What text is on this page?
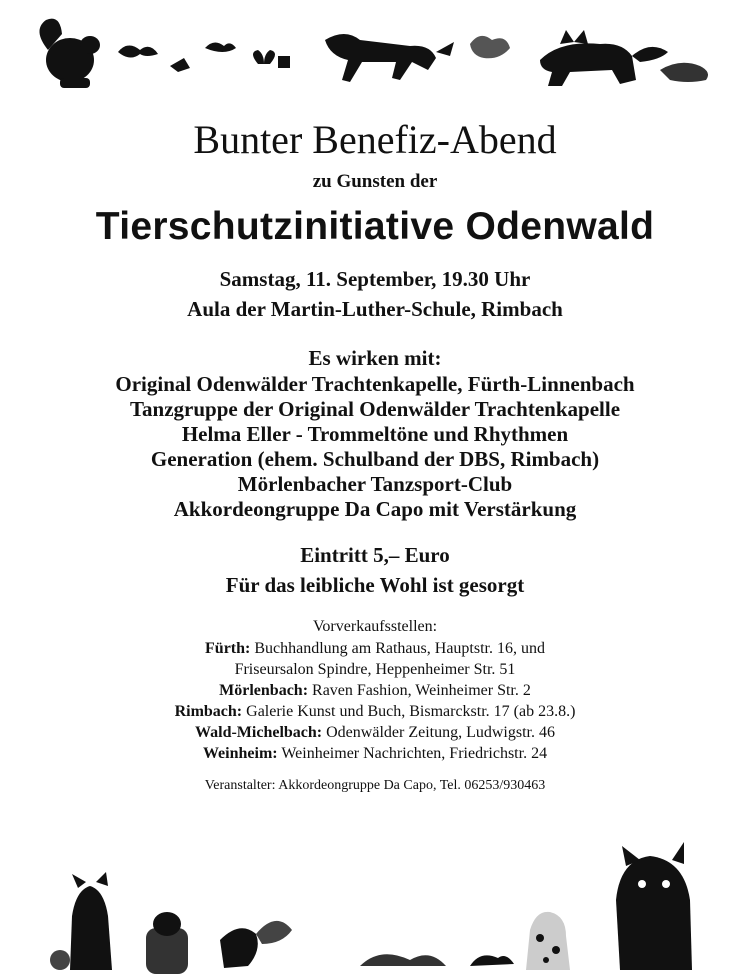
Bunter Benefiz-Abend
zu Gunsten der
Tierschutzinitiative Odenwald
Samstag, 11. September, 19.30 Uhr
Aula der Martin-Luther-Schule, Rimbach
Es wirken mit:
Original Odenwälder Trachtenkapelle, Fürth-Linnenbach
Tanzgruppe der Original Odenwälder Trachtenkapelle
Helma Eller - Trommeltöne und Rhythmen
Generation (ehem. Schulband der DBS, Rimbach)
Mörlenbacher Tanzsport-Club
Akkordeongruppe Da Capo mit Verstärkung
Eintritt 5,– Euro
Für das leibliche Wohl ist gesorgt
Vorverkaufsstellen:
Fürth: Buchhandlung am Rathaus, Hauptstr. 16, und
Friseursalon Spindre, Heppenheimer Str. 51
Mörlenbach: Raven Fashion, Weinheimer Str. 2
Rimbach: Galerie Kunst und Buch, Bismarckstr. 17 (ab 23.8.)
Wald-Michelbach: Odenwälder Zeitung, Ludwigstr. 46
Weinheim: Weinheimer Nachrichten, Friedrichstr. 24
Veranstalter: Akkordeongruppe Da Capo, Tel. 06253/930463
